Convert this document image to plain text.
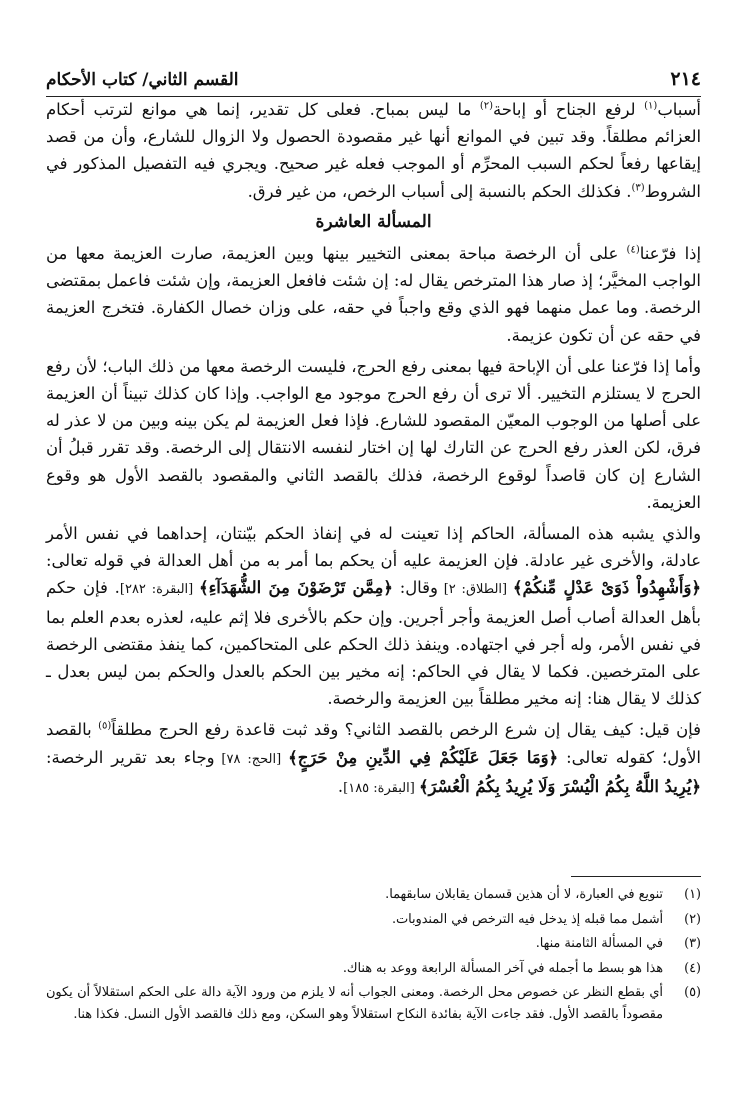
٢١٤
القسم الثاني/ كتاب الأحكام

أسباب$^{(١)}$ لرفع الجناح أو إباحة$^{(٢)}$ ما ليس بمباح. فعلى كل تقدير، إنما هي موانع لترتب أحكام العزائم مطلقاً. وقد تبين في الموانع أنها غير مقصودة الحصول ولا الزوال للشارع، وأن من قصد إيقاعها رفعاً لحكم السبب المحرِّم أو الموجب فعله غير صحيح. ويجري فيه التفصيل المذكور في الشروط$^{(٣)}$. فكذلك الحكم بالنسبة إلى أسباب الرخص، من غير فرق.

المسألة العاشرة

إذا فرّعنا$^{(٤)}$ على أن الرخصة مباحة بمعنى التخيير بينها وبين العزيمة، صارت العزيمة معها من الواجب المخيَّر؛ إذ صار هذا المترخص يقال له: إن شئت فافعل العزيمة، وإن شئت فاعمل بمقتضى الرخصة. وما عمل منهما فهو الذي وقع واجباً في حقه، على وزان خصال الكفارة. فتخرج العزيمة في حقه عن أن تكون عزيمة.

وأما إذا فرّعنا على أن الإباحة فيها بمعنى رفع الحرج، فليست الرخصة معها من ذلك الباب؛ لأن رفع الحرج لا يستلزم التخيير. ألا ترى أن رفع الحرج موجود مع الواجب. وإذا كان كذلك تبيناً أن العزيمة على أصلها من الوجوب المعيّن المقصود للشارع. فإذا فعل العزيمة لم يكن بينه وبين من لا عذر له فرق، لكن العذر رفع الحرج عن التارك لها إن اختار لنفسه الانتقال إلى الرخصة. وقد تقرر قبلُ أن الشارع إن كان قاصداً لوقوع الرخصة، فذلك بالقصد الثاني والمقصود بالقصد الأول هو وقوع العزيمة.

والذي يشبه هذه المسألة، الحاكم إذا تعينت له في إنفاذ الحكم بيّنتان، إحداهما في نفس الأمر عادلة، والأخرى غير عادلة. فإن العزيمة عليه أن يحكم بما أمر به من أهل العدالة في قوله تعالى: ﴿وَأَشْهِدُواْ ذَوَىْ عَدْلٍ مِّنكُمْ﴾ [الطلاق: ٢] وقال: ﴿مِمَّن تَرْضَوْنَ مِنَ الشُّهَدَآءِ﴾ [البقرة: ٢٨٢]. فإن حكم بأهل العدالة أصاب أصل العزيمة وأجر أجرين. وإن حكم بالأخرى فلا إثم عليه، لعذره بعدم العلم بما في نفس الأمر، وله أجر في اجتهاده. وينفذ ذلك الحكم على المتحاكمين، كما ينفذ مقتضى الرخصة على المترخصين. فكما لا يقال في الحاكم: إنه مخير بين الحكم بالعدل والحكم بمن ليس بعدل ـ كذلك لا يقال هنا: إنه مخير مطلقاً بين العزيمة والرخصة.

فإن قيل: كيف يقال إن شرع الرخص بالقصد الثاني؟ وقد ثبت قاعدة رفع الحرج مطلقاً$^{(٥)}$ بالقصد الأول؛ كقوله تعالى: ﴿وَمَا جَعَلَ عَلَيْكُمْ فِي الدِّينِ مِنْ حَرَجٍ﴾ [الحج: ٧٨] وجاء بعد تقرير الرخصة: ﴿يُرِيدُ اللَّهُ بِكُمُ الْيُسْرَ وَلَا يُرِيدُ بِكُمُ الْعُسْرَ﴾ [البقرة: ١٨٥].

(١)
تنويع في العبارة، لا أن هذين قسمان يقابلان سابقهما.
(٢)
أشمل مما قبله إذ يدخل فيه الترخص في المندوبات.
(٣)
في المسألة الثامنة منها.
(٤)
هذا هو بسط ما أجمله في آخر المسألة الرابعة ووعد به هناك.
(٥)
أي بقطع النظر عن خصوص محل الرخصة. ومعنى الجواب أنه لا يلزم من ورود الآية دالة على الحكم استقلالاً أن يكون مقصوداً بالقصد الأول. فقد جاءت الآية بفائدة النكاح استقلالاً وهو السكن، ومع ذلك فالقصد الأول النسل. فكذا هنا.
